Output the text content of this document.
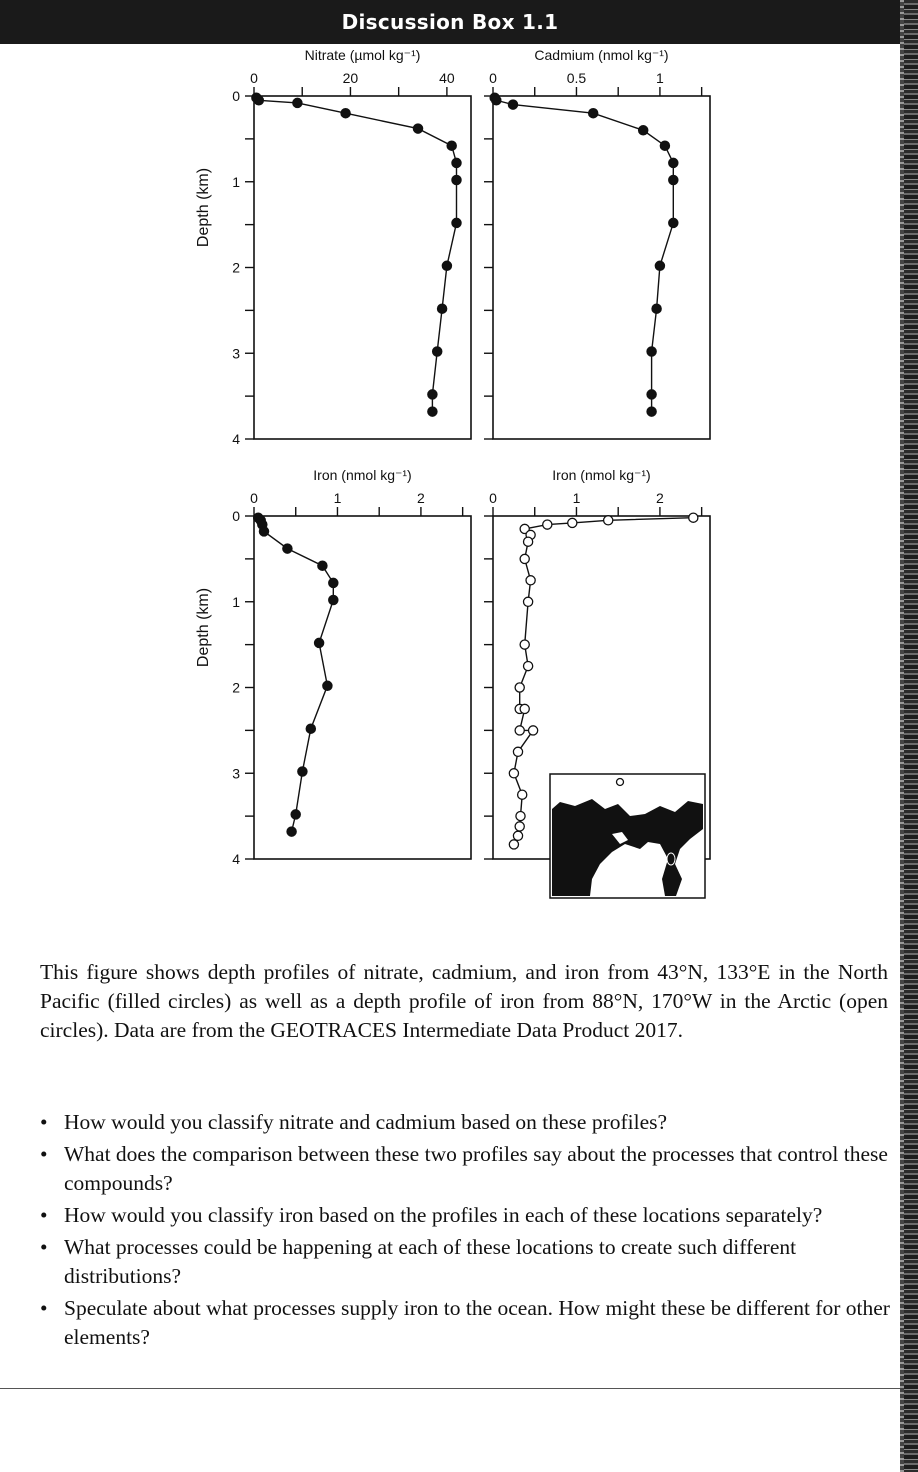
Discussion Box 1.1
Nitrate (µmol kg⁻¹)
0	20	40
0
1
2
3
4
Depth (km)
Cadmium (nmol kg⁻¹)
0	0.5	1
Iron (nmol kg⁻¹)
0	1	2
0
1
2
3
4
Depth (km)
Iron (nmol kg⁻¹)
0	1	2

This figure shows depth profiles of nitrate, cadmium, and iron from 43°N, 133°E in the North Pacific (filled circles) as well as a depth profile of iron from 88°N, 170°W in the Arctic (open circles). Data are from the GEOTRACES Intermediate Data Product 2017.

• How would you classify nitrate and cadmium based on these profiles?
• What does the comparison between these two profiles say about the processes that control these compounds?
• How would you classify iron based on the profiles in each of these locations separately?
• What processes could be happening at each of these locations to create such different distributions?
• Speculate about what processes supply iron to the ocean. How might these be different for other elements?
